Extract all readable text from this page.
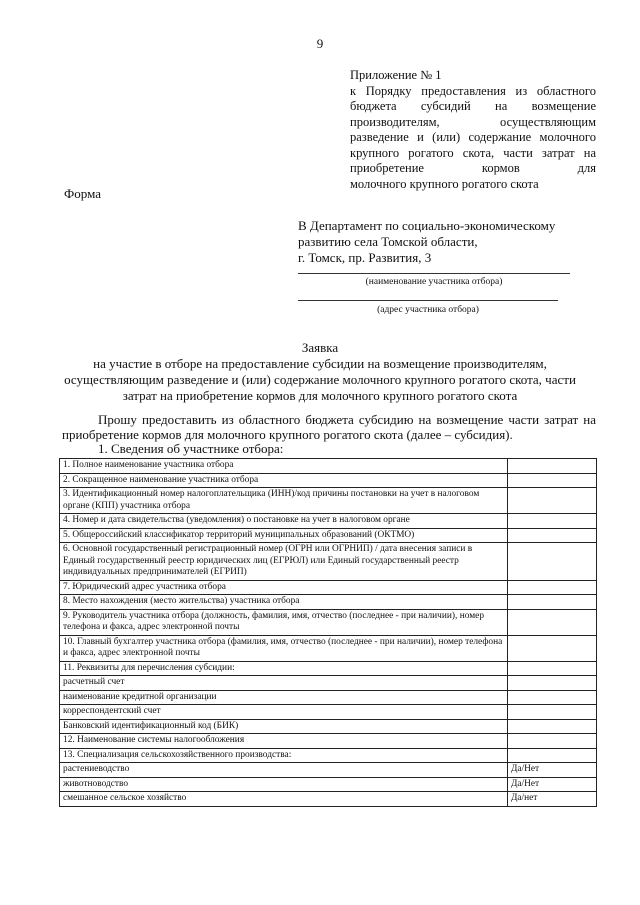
9
Приложение № 1
к Порядку предоставления из областного бюджета субсидий на возмещение производителям, осуществляющим разведение и (или) содержание молочного крупного рогатого скота, части затрат на приобретение кормов для
молочного крупного рогатого скота
Форма
В Департамент по социально-экономическому
развитию села Томской области,
г. Томск, пр. Развития, 3
(наименование участника отбора)
(адрес участника отбора)
Заявка
на участие в отборе на предоставление субсидии на возмещение производителям,
осуществляющим разведение и (или) содержание молочного крупного рогатого скота, части
затрат на приобретение кормов для молочного крупного рогатого скота
Прошу предоставить из областного бюджета субсидию на возмещение части затрат на приобретение кормов для молочного крупного рогатого скота (далее – субсидия).
1. Сведения об участнике отбора:
1. Полное наименование участника отбора	
2. Сокращенное наименование участника отбора	
3. Идентификационный номер налогоплательщика (ИНН)/код причины постановки на учет в налоговом органе (КПП) участника отбора	
4. Номер и дата свидетельства (уведомления) о постановке на учет в налоговом органе	
5. Общероссийский классификатор территорий муниципальных образований (ОКТМО)	
6. Основной государственный регистрационный номер (ОГРН или ОГРНИП) / дата внесения записи в Единый государственный реестр юридических лиц (ЕГРЮЛ) или Единый государственный реестр индивидуальных предпринимателей (ЕГРИП)	
7. Юридический адрес участника отбора	
8. Место нахождения (место жительства) участника отбора	
9. Руководитель участника отбора (должность, фамилия, имя, отчество (последнее - при наличии), номер телефона и факса, адрес электронной почты	
10. Главный бухгалтер участника отбора (фамилия, имя, отчество (последнее - при наличии), номер телефона и факса, адрес электронной почты	
11. Реквизиты для перечисления субсидии:	
расчетный счет	
наименование кредитной организации	
корреспондентский счет	
Банковский идентификационный код (БИК)	
12. Наименование системы налогообложения	
13. Специализация сельскохозяйственного производства:	
растениеводство	Да/Нет
животноводство	Да/Нет
смешанное сельское хозяйство	Да/нет
